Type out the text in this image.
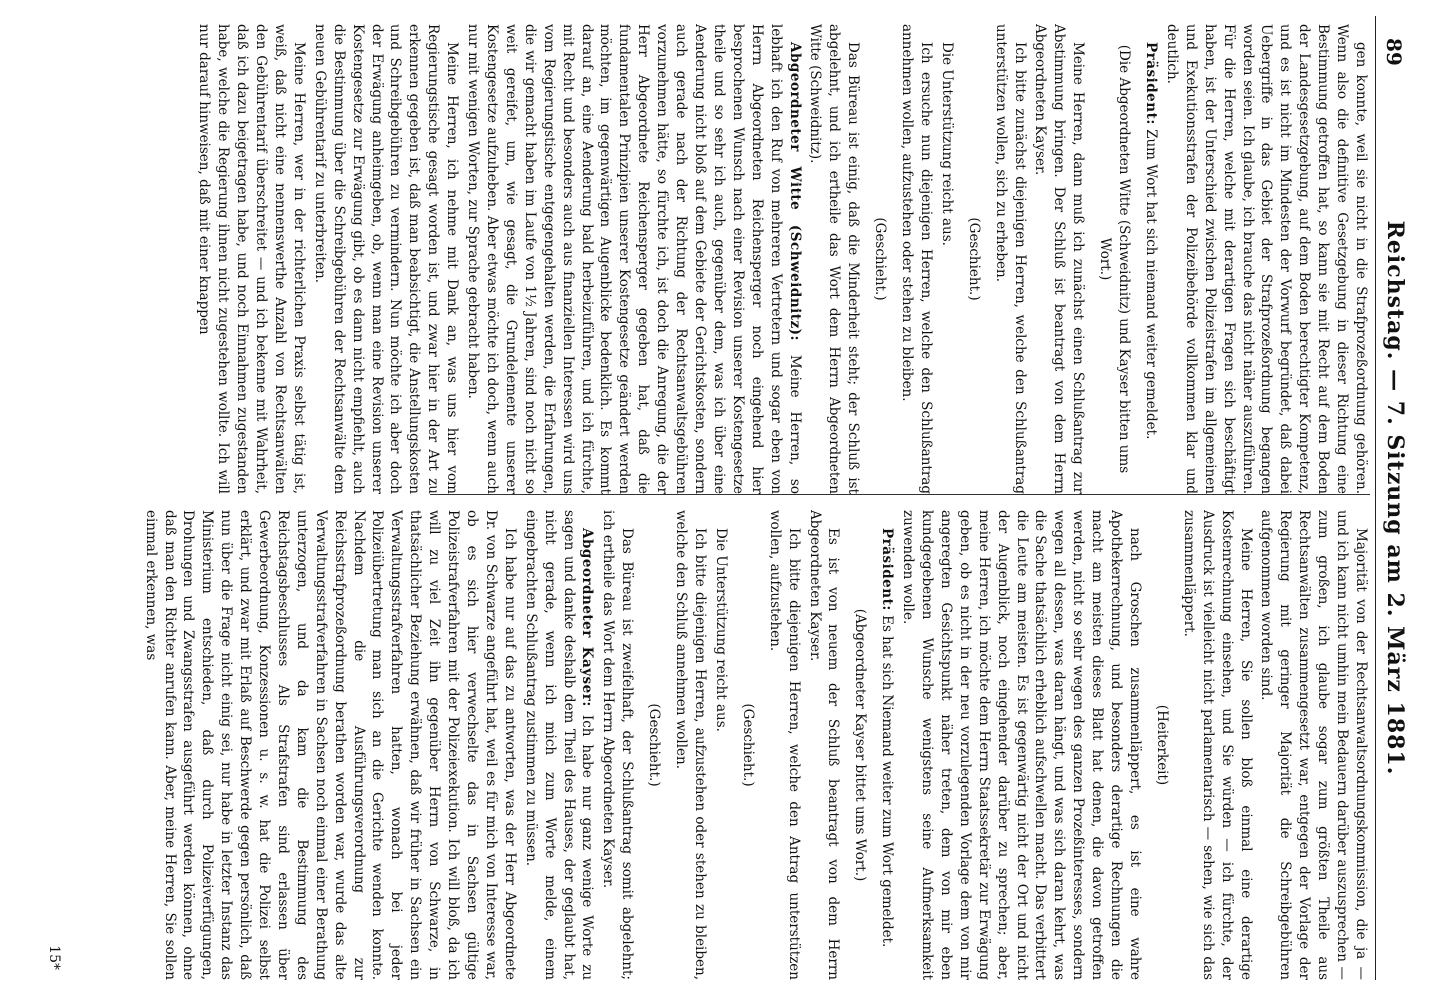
89
Reichstag. — 7. Sitzung am 2. März 1881.

gen konnte, weil sie nicht in die Strafprozeßordnung gehören. Wenn also die definitive Gesetzgebung in dieser Richtung eine Bestimmung getroffen hat, so kann sie mit Recht auf dem Boden der Landesgesetzgebung, auf dem Boden berechtigter Kompetenz, und es ist nicht im Mindesten der Vorwurf begründet, daß dabei Uebergriffe in das Gebiet der Strafprozeßordnung begangen worden seien. Ich glaube, ich brauche das nicht näher auszuführen. Für die Herren, welche mit derartigen Fragen sich beschäftigt haben, ist der Unterschied zwischen Polizeistrafen im allgemeinen und Exekutionsstrafen der Polizeibehörde vollkommen klar und deutlich.

Präsident: Zum Wort hat sich niemand weiter gemeldet.

(Die Abgeordneten Witte (Schweidnitz) und Kayser bitten ums Wort.)

Meine Herren, dann muß ich zunächst einen Schlußantrag zur Abstimmung bringen. Der Schluß ist beantragt von dem Herrn Abgeordneten Kayser.

Ich bitte zunächst diejenigen Herren, welche den Schlußantrag unterstützen wollen, sich zu erheben.

(Geschieht.)

Die Unterstützung reicht aus.

Ich ersuche nun diejenigen Herren, welche den Schlußantrag annehmen wollen, aufzustehen oder stehen zu bleiben.

(Geschieht.)

Das Büreau ist einig, daß die Minderheit steht; der Schluß ist abgelehnt, und ich ertheile das Wort dem Herrn Abgeordneten Witte (Schweidnitz).

Abgeordneter Witte (Schweidnitz): Meine Herren, so lebhaft ich den Ruf von mehreren Vertretern und sogar eben von Herrn Abgeordneten Reichensperger noch eingehend hier besprochenen Wunsch nach einer Revision unserer Kostengesetze theile und so sehr ich auch, gegenüber dem, was ich über eine Aenderung nicht bloß auf dem Gebiete der Gerichtskosten, sondern auch gerade nach der Richtung der Rechtsanwaltsgebühren vorzunehmen hätte, so fürchte ich, ist doch die Anregung, die der Herr Abgeordnete Reichensperger gegeben hat, daß die fundamentalen Prinzipien unserer Kostengesetze geändert werden möchten, im gegenwärtigen Augenblicke bedenklich. Es kommt darauf an, eine Aenderung bald herbeizuführen, und ich fürchte, mit Recht und besonders auch aus finanziellen Interessen wird uns vom Regierungstische entgegengehalten werden, die Erfahrungen, die wir gemacht haben im Laufe von 1½ Jahren, sind noch nicht so weit gereifet, um, wie gesagt, die Grundelemente unserer Kostengesetze aufzuheben. Aber etwas möchte ich doch, wenn auch nur mit wenigen Worten, zur Sprache gebracht haben.

Meine Herren, ich nehme mit Dank an, was uns hier vom Regierungstische gesagt worden ist, und zwar hier in der Art zu erkennen gegeben ist, daß man beabsichtigt, die Anstellungskosten und Schreibgebühren zu vermindern. Nun möchte ich aber doch der Erwägung anheimgeben, ob, wenn man eine Revision unserer Kostengesetze zur Erwägung gibt, ob es dann nicht empfiehlt, auch die Bestimmung über die Schreibgebühren der Rechtsanwälte dem neuen Gebührentarif zu unterbreiten.

Meine Herren, wer in der richterlichen Praxis selbst tätig ist, weiß, daß nicht eine nennenswerthe Anzahl von Rechtsanwälten den Gebührentarif überschreitet — und ich bekenne mit Wahrheit, daß ich dazu beigetragen habe, und noch Einnahmen zugestanden habe, welche die Regierung ihnen nicht zugestehen wollte. Ich will nur darauf hinweisen, daß mit einer knappen

Majorität von der Rechtsanwaltsordnungskommission, die ja — und ich kann nicht umhin mein Bedauern darüber auszusprechen — zum großen, ich glaube sogar zum größten Theile aus Rechtsanwälten zusammengesetzt war, entgegen der Vorlage der Regierung mit geringer Majorität die Schreibgebühren aufgenommen worden sind.

Meine Herren, Sie sollen bloß einmal eine derartige Kostenrechnung einsehen, und Sie würden — ich fürchte, der Ausdruck ist vielleicht nicht parlamentarisch — sehen, wie sich das zusammenläppert.

(Heiterkeit)

nach Groschen zusammenläppert, es ist eine wahre Apothekerrechnung, und besonders derartige Rechnungen die macht am meisten dieses Blatt hat denen, die davon getroffen werden, nicht so sehr wegen des ganzen Prozeßinteresses, sondern wegen all dessen, was daran hängt, und was sich daran kehrt, was die Sache thatsächlich erheblich aufschwellen macht. Das verbittert die Leute am meisten. Es ist gegenwärtig nicht der Ort und nicht der Augenblick, noch eingehender darüber zu sprechen; aber, meine Herren, ich möchte dem Herrn Staatssekretär zur Erwägung geben, ob es nicht in der neu vorzulegenden Vorlage dem von mir angeregten Gesichtspunkt näher treten, dem von mir eben kundgegebenen Wunsche wenigstens seine Aufmerksamkeit zuwenden wolle.

Präsident: Es hat sich Niemand weiter zum Wort gemeldet.

(Abgeordneter Kayser bittet ums Wort.)

Es ist von neuem der Schluß beantragt von dem Herrn Abgeordneten Kayser.

Ich bitte diejenigen Herren, welche den Antrag unterstützen wollen, aufzustehen.

(Geschieht.)

Die Unterstützung reicht aus.

Ich bitte diejenigen Herren, aufzustehen oder stehen zu bleiben, welche den Schluß annehmen wollen.

(Geschieht.)

Das Büreau ist zweifelhaft, der Schlußantrag somit abgelehnt; ich ertheile das Wort dem Herrn Abgeordneten Kayser.

Abgeordneter Kayser: Ich habe nur ganz wenige Worte zu sagen und danke deshalb dem Theil des Hauses, der geglaubt hat, nicht gerade, wenn ich mich zum Worte melde, einem eingebrachten Schlußantrag zustimmen zu müssen.

Ich habe nur auf das zu antworten, was der Herr Abgeordnete Dr. von Schwarze angeführt hat, weil es für mich von Interesse war, ob es sich hier verwechselte das in Sachsen gültige Polizeistrafverfahren mit der Polizeiexekution. Ich will bloß, da ich will zu viel Zeit ihn gegenüber Herrn von Schwarze, in thatsächlicher Beziehung erwähnen, daß wir früher in Sachsen ein Verwaltungsstrafverfahren hatten, wonach bei jeder Polizeiübertretung man sich an die Gerichte wenden konnte. Nachdem die Ausführungsverordnung zur Reichsstrafprozeßordnung berathen worden war, wurde das alte Verwaltungsstrafverfahren in Sachsen noch einmal einer Berathung unterzogen, und da kam die Bestimmung des Reichstagsbeschlusses Als Strafstrafen sind erlassen über Gewerbeordnung, Konzessionen u. s. w. hat die Polizei selbst erklärt, und zwar mit Erlaß auf Beschwerde gegen persönlich, daß nun über die Frage nicht einig sei, nur habe in letzter Instanz das Ministerium entschieden, daß durch Polizeiverfügungen, Drohungen und Zwangsstrafen ausgeführt werden können, ohne daß man den Richter anrufen kann. Aber, meine Herren, Sie sollen einmal erkennen, was

15*
